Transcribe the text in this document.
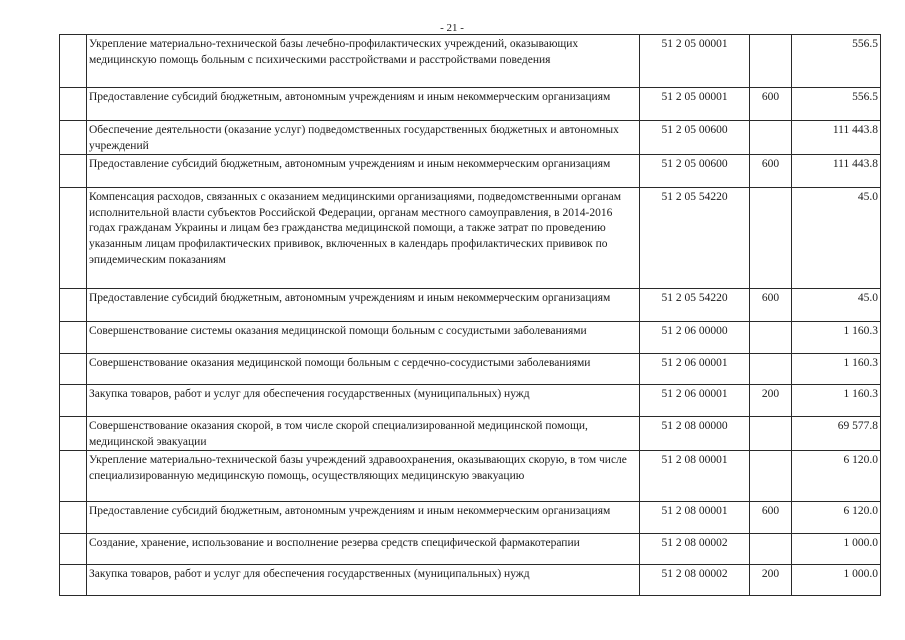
- 21 -
	Укрепление материально-технической базы лечебно-профилактических учреждений, оказывающих медицинскую помощь больным с психическими расстройствами и расстройствами поведения	51 2 05 00001		556.5
	Предоставление субсидий бюджетным, автономным учреждениям и иным некоммерческим организациям	51 2 05 00001	600	556.5
	Обеспечение деятельности (оказание услуг) подведомственных государственных бюджетных и автономных учреждений	51 2 05 00600		111 443.8
	Предоставление субсидий бюджетным, автономным учреждениям и иным некоммерческим организациям	51 2 05 00600	600	111 443.8
	Компенсация расходов, связанных с оказанием медицинскими организациями, подведомственными органам исполнительной власти субъектов Российской Федерации, органам местного самоуправления, в 2014-2016 годах гражданам Украины и лицам без гражданства медицинской помощи, а также затрат по проведению указанным лицам профилактических прививок, включенных в календарь профилактических прививок по эпидемическим показаниям	51 2 05 54220		45.0
	Предоставление субсидий бюджетным, автономным учреждениям и иным некоммерческим организациям	51 2 05 54220	600	45.0
	Совершенствование системы оказания медицинской помощи больным с сосудистыми заболеваниями	51 2 06 00000		1 160.3
	Совершенствование оказания медицинской помощи больным с сердечно-сосудистыми заболеваниями	51 2 06 00001		1 160.3
	Закупка товаров, работ и услуг для обеспечения государственных (муниципальных) нужд	51 2 06 00001	200	1 160.3
	Совершенствование оказания скорой, в том числе скорой специализированной медицинской помощи, медицинской эвакуации	51 2 08 00000		69 577.8
	Укрепление материально-технической базы учреждений здравоохранения, оказывающих скорую, в том числе специализированную медицинскую помощь, осуществляющих медицинскую эвакуацию	51 2 08 00001		6 120.0
	Предоставление субсидий бюджетным, автономным учреждениям и иным некоммерческим организациям	51 2 08 00001	600	6 120.0
	Создание, хранение, использование и восполнение резерва средств специфической фармакотерапии	51 2 08 00002		1 000.0
	Закупка товаров, работ и услуг для обеспечения государственных (муниципальных) нужд	51 2 08 00002	200	1 000.0
